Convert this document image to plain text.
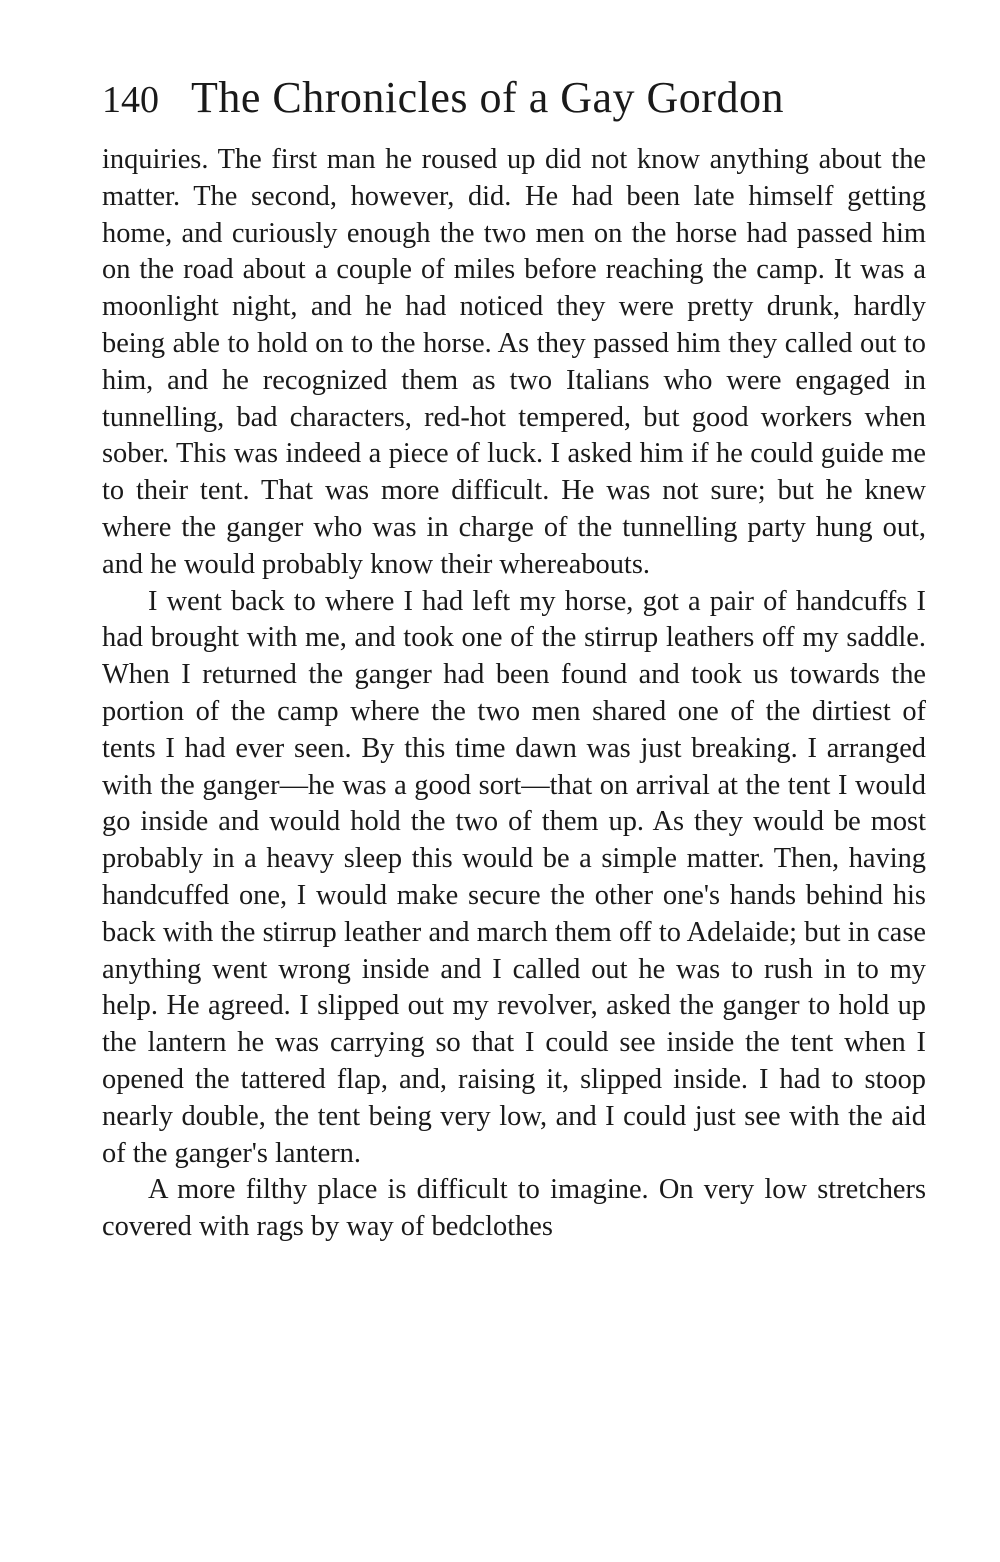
140 The Chronicles of a Gay Gordon

inquiries. The first man he roused up did not know anything about the matter. The second, however, did. He had been late himself getting home, and curiously enough the two men on the horse had passed him on the road about a couple of miles before reaching the camp. It was a moonlight night, and he had noticed they were pretty drunk, hardly being able to hold on to the horse. As they passed him they called out to him, and he recognized them as two Italians who were engaged in tunnelling, bad characters, red-hot tempered, but good workers when sober. This was indeed a piece of luck. I asked him if he could guide me to their tent. That was more difficult. He was not sure; but he knew where the ganger who was in charge of the tunnelling party hung out, and he would probably know their whereabouts.

I went back to where I had left my horse, got a pair of handcuffs I had brought with me, and took one of the stirrup leathers off my saddle. When I returned the ganger had been found and took us towards the portion of the camp where the two men shared one of the dirtiest of tents I had ever seen. By this time dawn was just breaking. I arranged with the ganger—he was a good sort—that on arrival at the tent I would go inside and would hold the two of them up. As they would be most probably in a heavy sleep this would be a simple matter. Then, having handcuffed one, I would make secure the other one's hands behind his back with the stirrup leather and march them off to Adelaide; but in case anything went wrong inside and I called out he was to rush in to my help. He agreed. I slipped out my revolver, asked the ganger to hold up the lantern he was carrying so that I could see inside the tent when I opened the tattered flap, and, raising it, slipped inside. I had to stoop nearly double, the tent being very low, and I could just see with the aid of the ganger's lantern.

A more filthy place is difficult to imagine. On very low stretchers covered with rags by way of bedclothes
